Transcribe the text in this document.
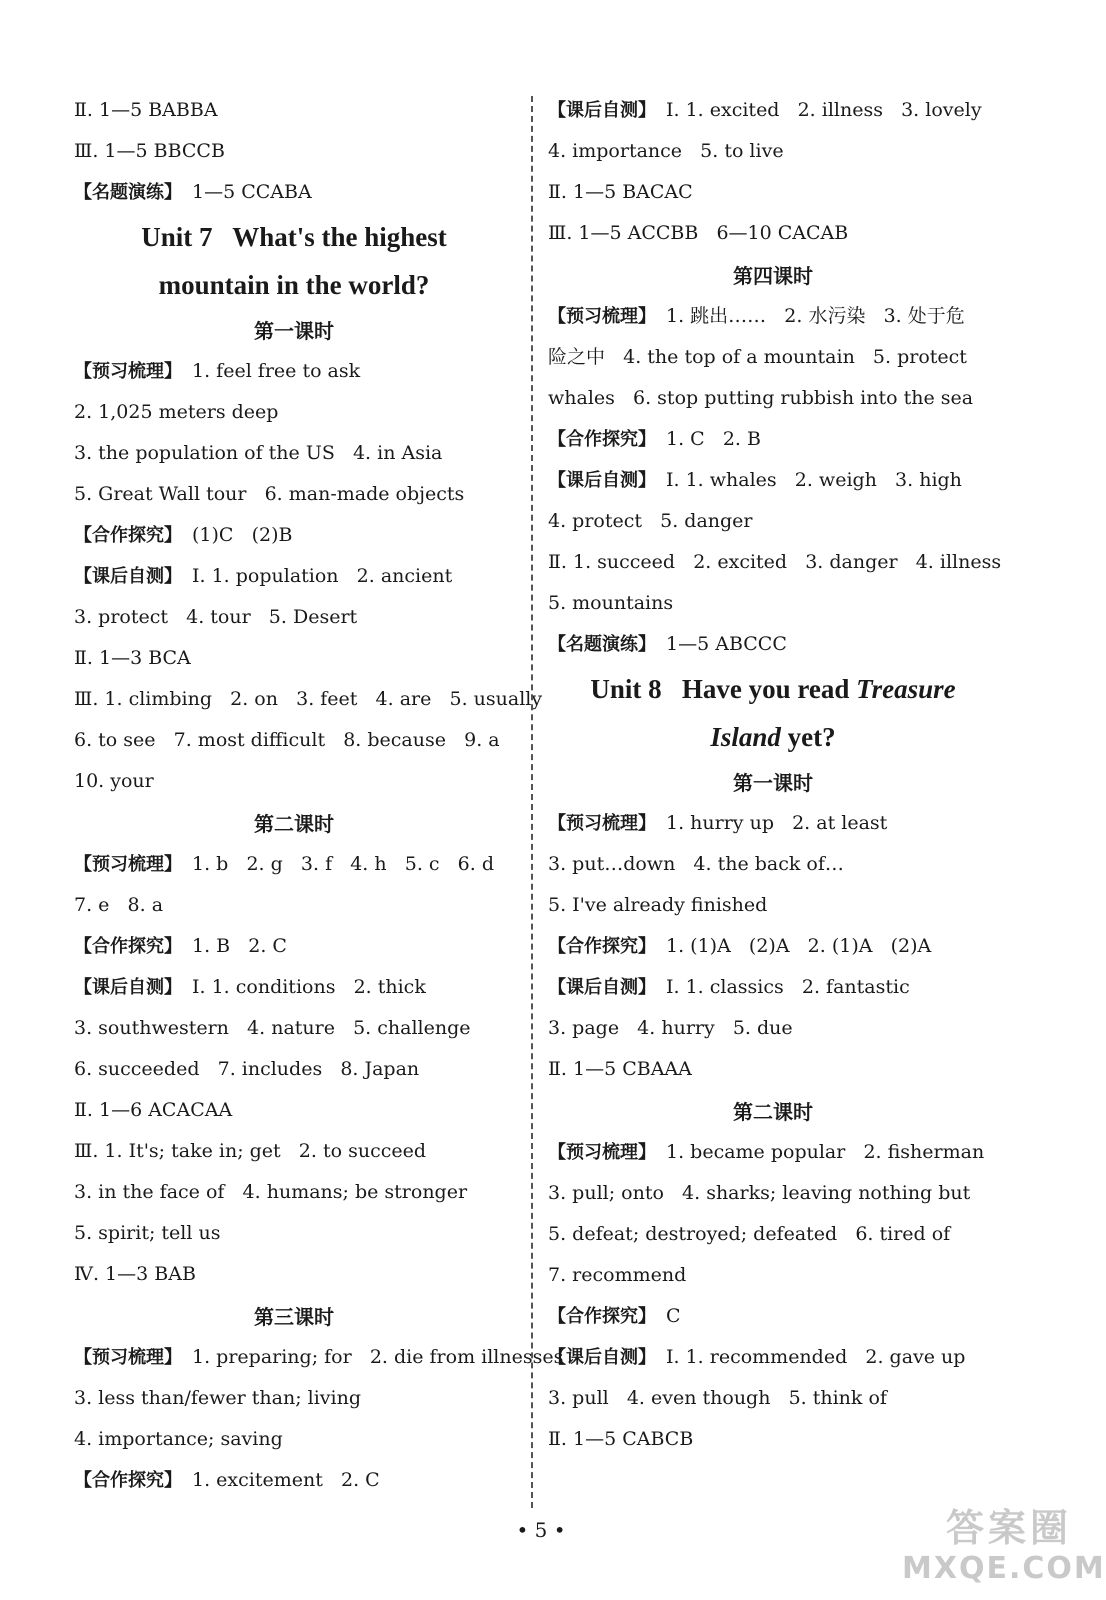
Ⅱ. 1—5 BABBA
Ⅲ. 1—5 BBCCB
【名题演练】 1—5 CCABA
Unit 7   What's the highest
mountain in the world?
第一课时
【预习梳理】 1. feel free to ask
2. 1,025 meters deep
3. the population of the US   4. in Asia
5. Great Wall tour   6. man-made objects
【合作探究】 (1)C   (2)B
【课后自测】 Ⅰ. 1. population   2. ancient
3. protect   4. tour   5. Desert
Ⅱ. 1—3 BCA
Ⅲ. 1. climbing   2. on   3. feet   4. are   5. usually
6. to see   7. most difficult   8. because   9. a
10. your
第二课时
【预习梳理】 1. b   2. g   3. f   4. h   5. c   6. d
7. e   8. a
【合作探究】 1. B   2. C
【课后自测】 Ⅰ. 1. conditions   2. thick
3. southwestern   4. nature   5. challenge
6. succeeded   7. includes   8. Japan
Ⅱ. 1—6 ACACAA
Ⅲ. 1. It's; take in; get   2. to succeed
3. in the face of   4. humans; be stronger
5. spirit; tell us
Ⅳ. 1—3 BAB
第三课时
【预习梳理】 1. preparing; for   2. die from illnesses
3. less than/fewer than; living
4. importance; saving
【合作探究】 1. excitement   2. C
【课后自测】 Ⅰ. 1. excited   2. illness   3. lovely
4. importance   5. to live
Ⅱ. 1—5 BACAC
Ⅲ. 1—5 ACCBB   6—10 CACAB
第四课时
【预习梳理】 1. 跳出……   2. 水污染   3. 处于危
险之中   4. the top of a mountain   5. protect
whales   6. stop putting rubbish into the sea
【合作探究】 1. C   2. B
【课后自测】 Ⅰ. 1. whales   2. weigh   3. high
4. protect   5. danger
Ⅱ. 1. succeed   2. excited   3. danger   4. illness
5. mountains
【名题演练】 1—5 ABCCC
Unit 8   Have you read Treasure
Island yet?
第一课时
【预习梳理】 1. hurry up   2. at least
3. put…down   4. the back of…
5. I've already finished
【合作探究】 1. (1)A   (2)A   2. (1)A   (2)A
【课后自测】 Ⅰ. 1. classics   2. fantastic
3. page   4. hurry   5. due
Ⅱ. 1—5 CBAAA
第二课时
【预习梳理】 1. became popular   2. fisherman
3. pull; onto   4. sharks; leaving nothing but
5. defeat; destroyed; defeated   6. tired of
7. recommend
【合作探究】 C
【课后自测】 Ⅰ. 1. recommended   2. gave up
3. pull   4. even though   5. think of
Ⅱ. 1—5 CABCB
• 5 •	答案圈
MXQE.COM
